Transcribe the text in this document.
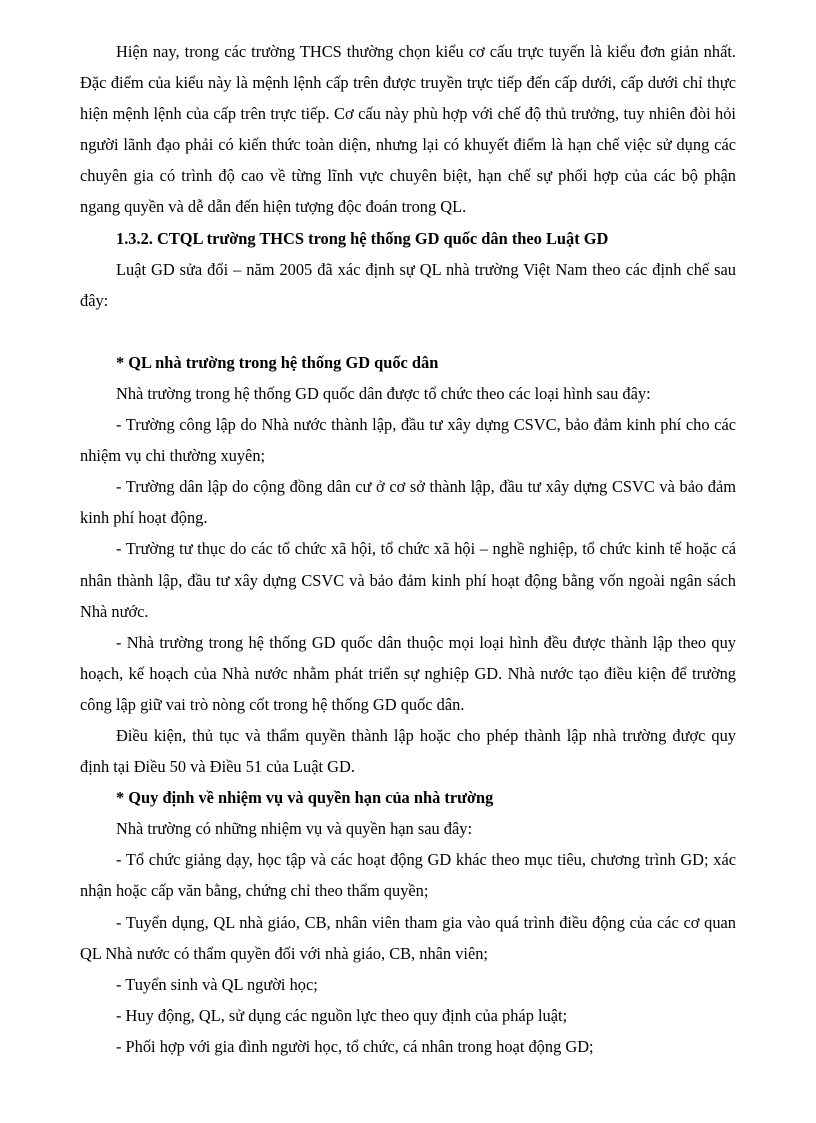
Hiện nay, trong các trường THCS thường chọn kiểu cơ cấu trực tuyến là kiểu đơn giản nhất. Đặc điểm của kiểu này là mệnh lệnh cấp trên được truyền trực tiếp đến cấp dưới, cấp dưới chỉ thực hiện mệnh lệnh của cấp trên trực tiếp. Cơ cấu này phù hợp với chế độ thủ trưởng, tuy nhiên đòi hỏi người lãnh đạo phải có kiến thức toàn diện, nhưng lại có khuyết điểm là hạn chế việc sử dụng các chuyên gia có trình độ cao về từng lĩnh vực chuyên biệt, hạn chế sự phối hợp của các bộ phận ngang quyền và dễ dẫn đến hiện tượng độc đoán trong QL.

1.3.2. CTQL trường THCS trong hệ thống GD quốc dân theo Luật GD

Luật GD sửa đổi – năm 2005 đã xác định sự QL nhà trường Việt Nam theo các định chế sau đây:

* QL nhà trường trong hệ thống GD quốc dân

Nhà trường trong hệ thống GD quốc dân được tổ chức theo các loại hình sau đây:

- Trường công lập do Nhà nước thành lập, đầu tư xây dựng CSVC, bảo đảm kinh phí cho các nhiệm vụ chi thường xuyên;

- Trường dân lập do cộng đồng dân cư ở cơ sở thành lập, đầu tư xây dựng CSVC và bảo đảm kinh phí hoạt động.

- Trường tư thục do các tổ chức xã hội, tổ chức xã hội – nghề nghiệp, tổ chức kinh tế hoặc cá nhân thành lập, đầu tư xây dựng CSVC và bảo đảm kinh phí hoạt động bằng vốn ngoài ngân sách Nhà nước.

- Nhà trường trong hệ thống GD quốc dân thuộc mọi loại hình đều được thành lập theo quy hoạch, kế hoạch của Nhà nước nhằm phát triển sự nghiệp GD. Nhà nước tạo điều kiện để trường công lập giữ vai trò nòng cốt trong hệ thống GD quốc dân.

Điều kiện, thủ tục và thẩm quyền thành lập hoặc cho phép thành lập nhà trường được quy định tại Điều 50 và Điều 51 của Luật GD.

* Quy định về nhiệm vụ và quyền hạn của nhà trường

Nhà trường có những nhiệm vụ và quyền hạn sau đây:

- Tổ chức giảng dạy, học tập và các hoạt động GD khác theo mục tiêu, chương trình GD; xác nhận hoặc cấp văn bằng, chứng chỉ theo thẩm quyền;

- Tuyển dụng, QL nhà giáo, CB, nhân viên tham gia vào quá trình điều động của các cơ quan QL Nhà nước có thẩm quyền đối với nhà giáo, CB, nhân viên;

- Tuyển sinh và QL người học;

- Huy động, QL, sử dụng các nguồn lực theo quy định của pháp luật;

- Phối hợp với gia đình người học, tổ chức, cá nhân trong hoạt động GD;
